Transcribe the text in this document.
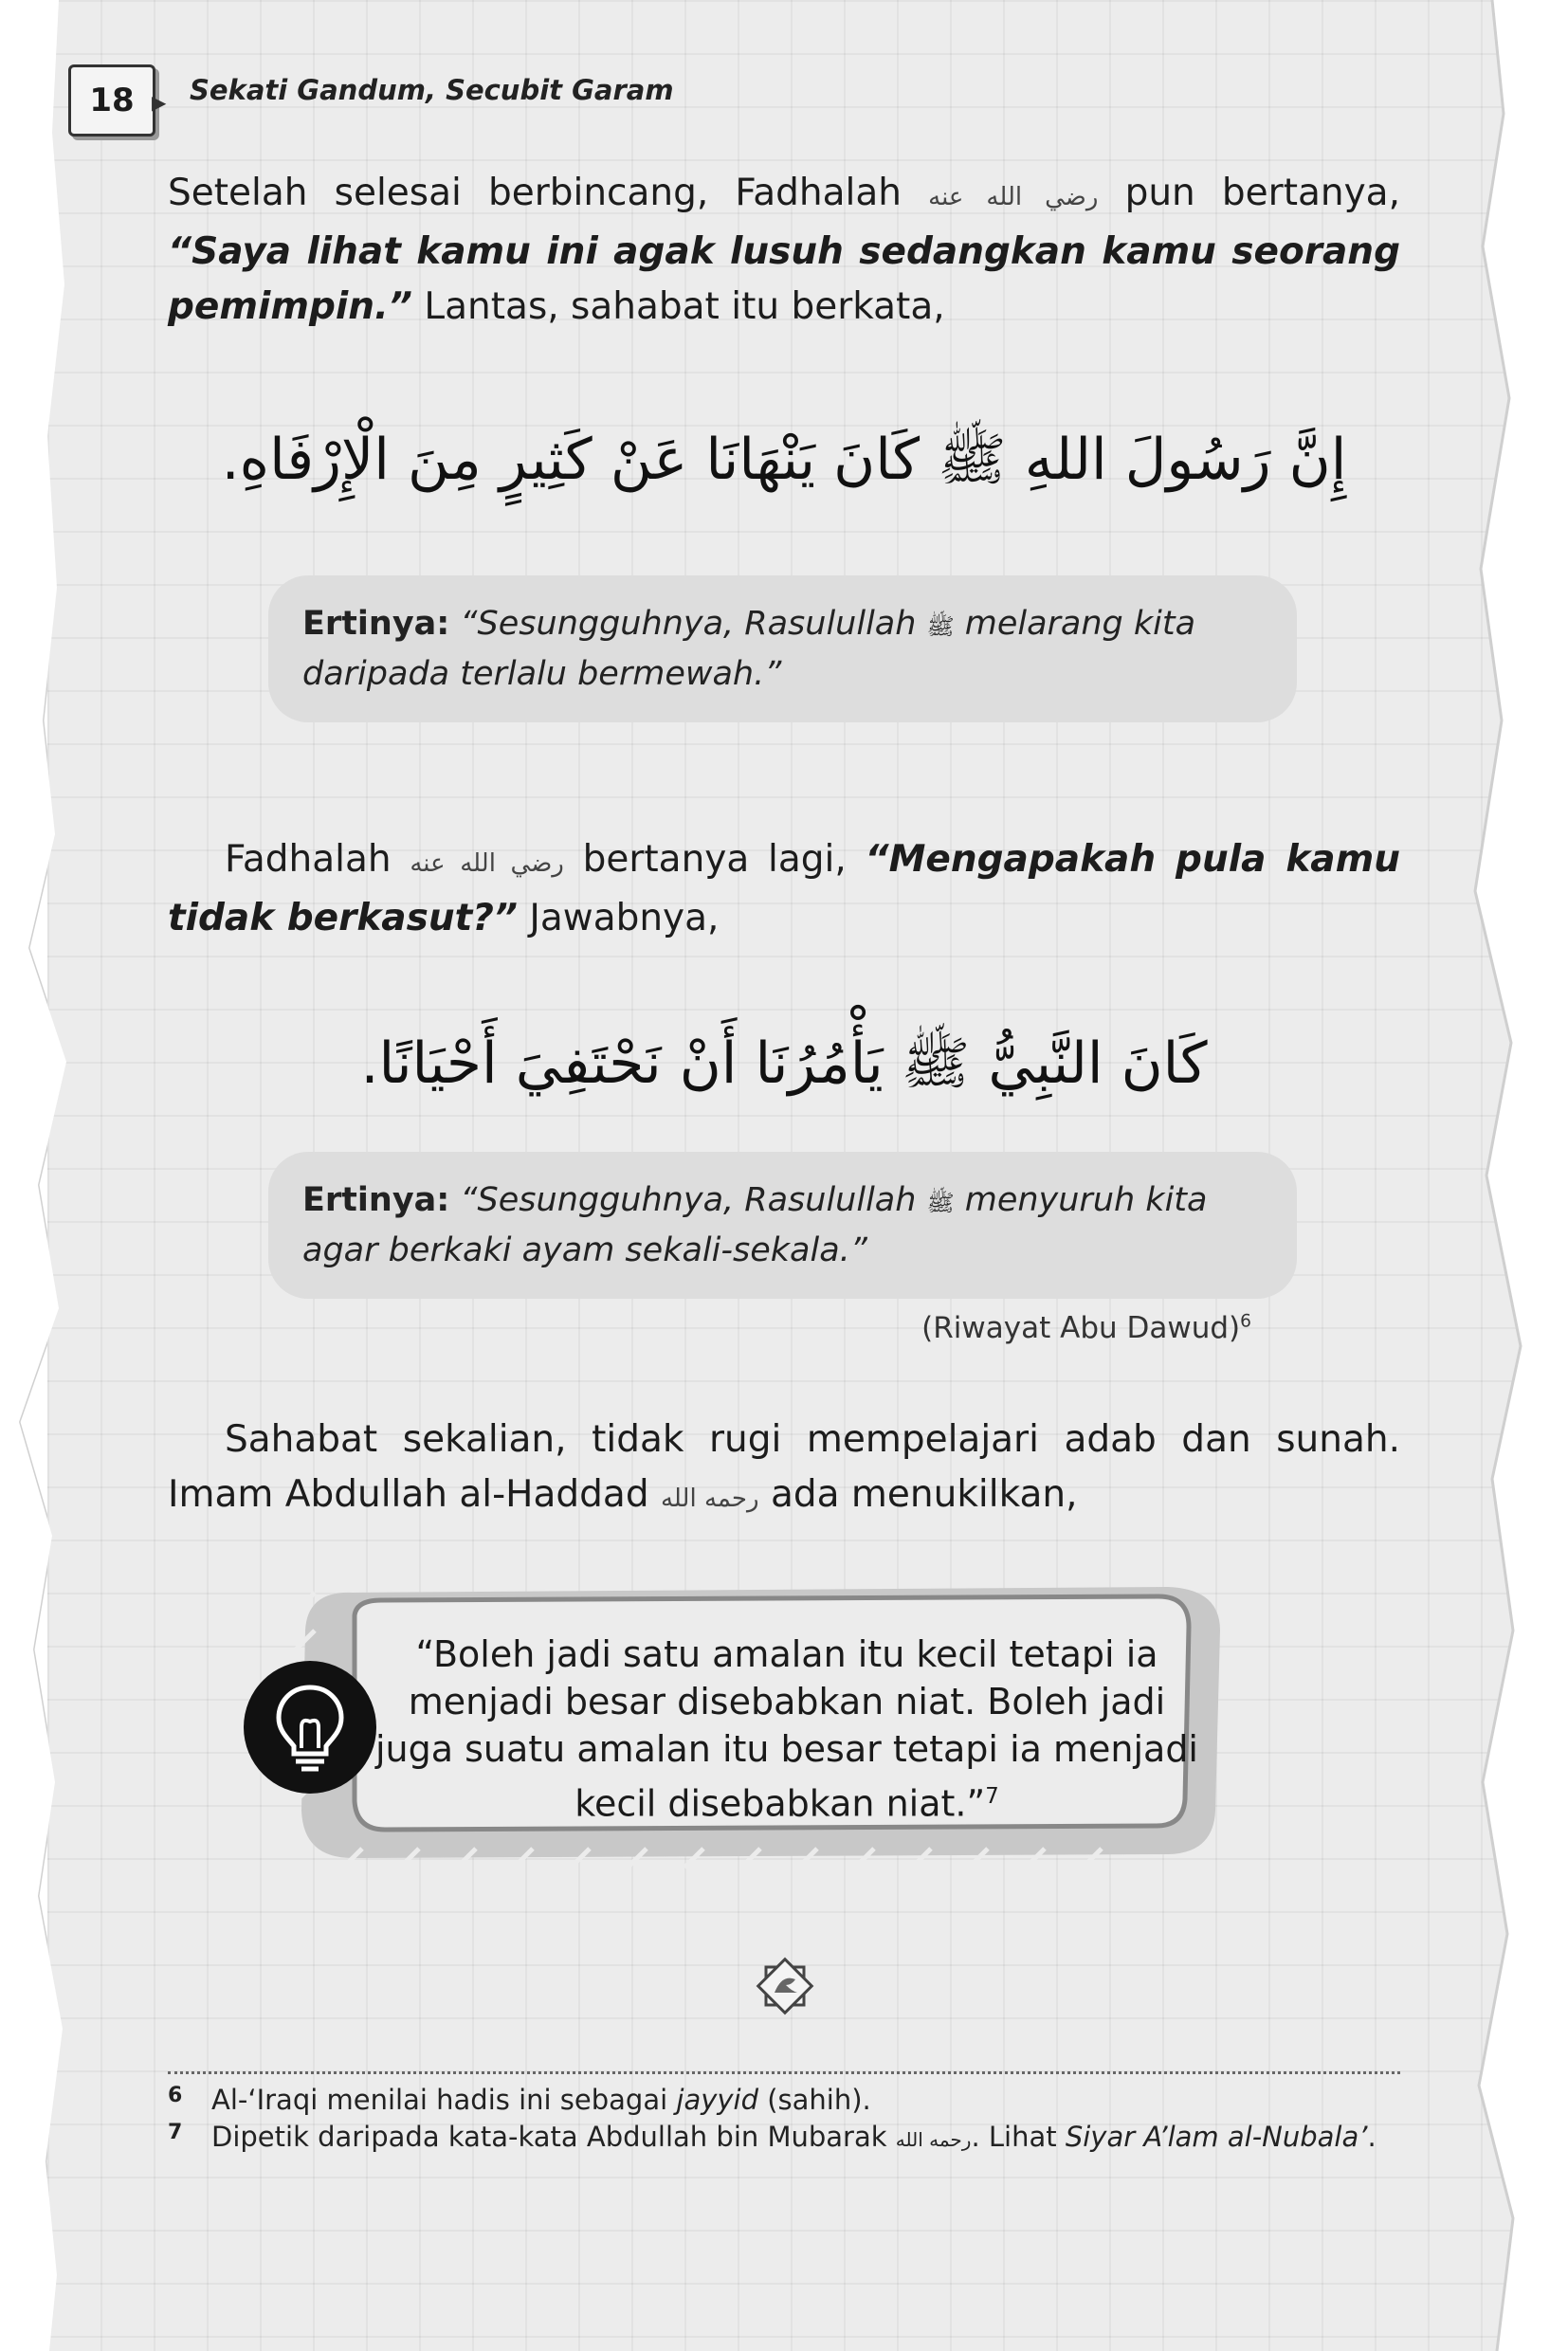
18 ▶ Sekati Gandum, Secubit Garam
Setelah selesai berbincang, Fadhalah رضي الله عنه pun bertanya, “Saya lihat kamu ini agak lusuh sedangkan kamu seorang pemimpin.” Lantas, sahabat itu berkata,
إِنَّ رَسُولَ اللهِ ﷺ كَانَ يَنْهَانَا عَنْ كَثِيرٍ مِنَ الْإِرْفَاهِ.
Ertinya: “Sesungguhnya, Rasulullah ﷺ melarang kita daripada terlalu bermewah.”
Fadhalah رضي الله عنه bertanya lagi, “Mengapakah pula kamu tidak berkasut?” Jawabnya,
كَانَ النَّبِيُّ ﷺ يَأْمُرُنَا أَنْ نَحْتَفِيَ أَحْيَانًا.
Ertinya: “Sesungguhnya, Rasulullah ﷺ menyuruh kita agar berkaki ayam sekali-sekala.”
(Riwayat Abu Dawud)$^6$
Sahabat sekalian, tidak rugi mempelajari adab dan sunah. Imam Abdullah al-Haddad رحمه الله ada menukilkan,
“Boleh jadi satu amalan itu kecil tetapi ia menjadi besar disebabkan niat. Boleh jadi juga suatu amalan itu besar tetapi ia menjadi kecil disebabkan niat.”$^7$
6 Al-‘Iraqi menilai hadis ini sebagai jayyid (sahih).
7 Dipetik daripada kata-kata Abdullah bin Mubarak رحمه الله. Lihat Siyar A’lam al-Nubala’.
